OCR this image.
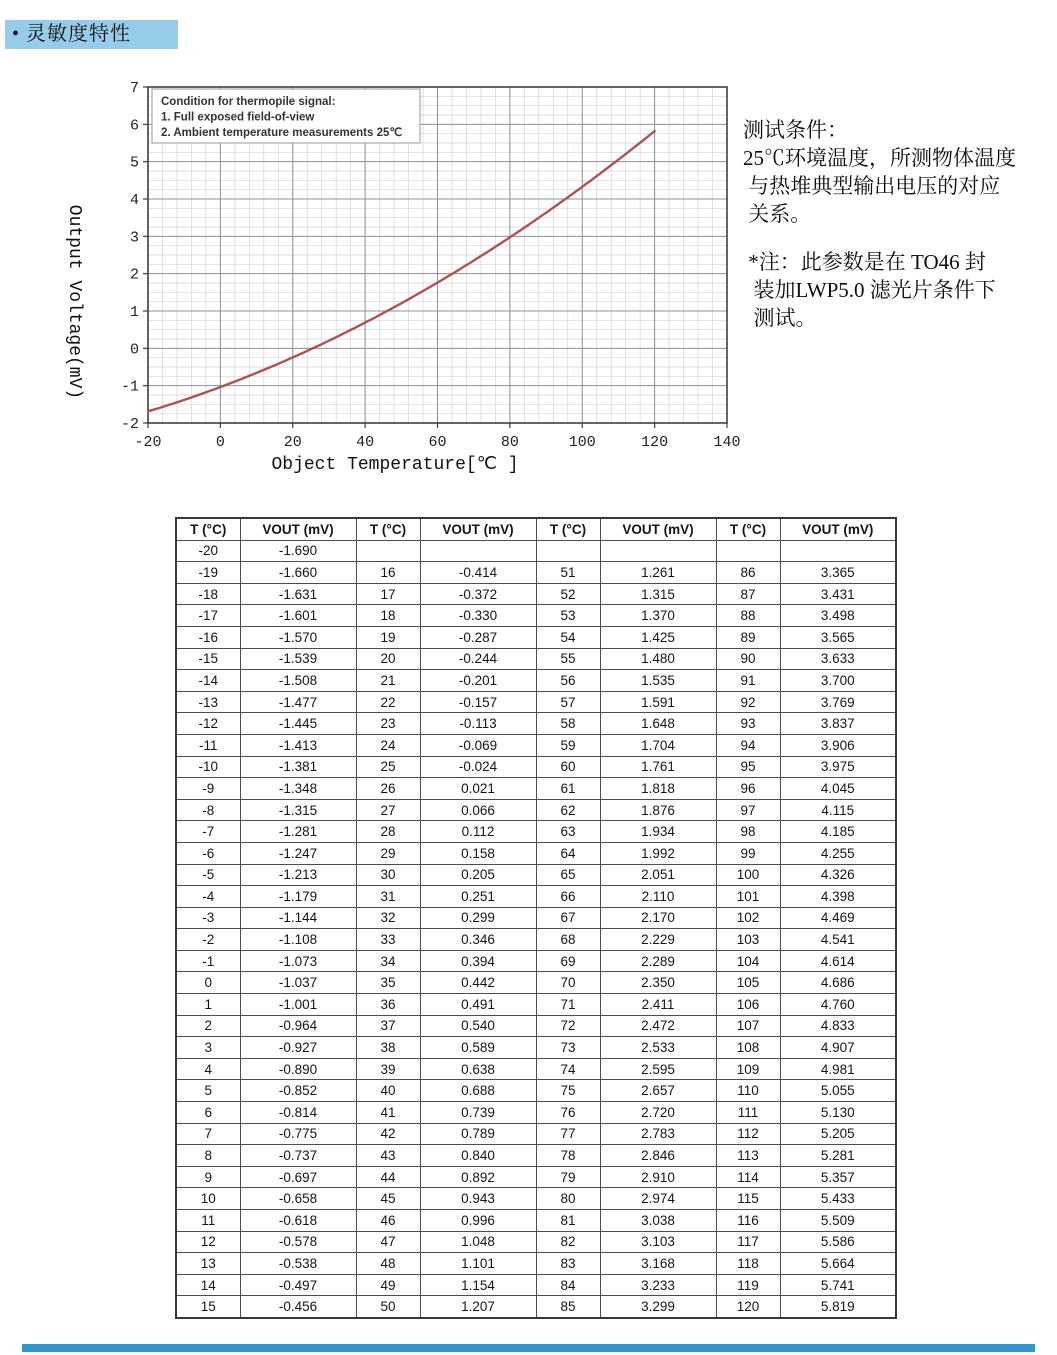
• 灵敏度特性
-20	0	20	40	60	80	100	120	140
-2
-1
0
1
2
3
4
5
6
7
Condition for thermopile signal:
1. Full exposed field-of-view
2. Ambient temperature measurements 25℃
Object Temperature[℃ ]
Output Voltage(mV)
测试条件：
25℃环境温度，所测物体温度
与热堆典型输出电压的对应
关系。
*注：此参数是在 TO46 封
装加LWP5.0 滤光片条件下
测试。
T (°C)	VOUT (mV)	T (°C)	VOUT (mV)	T (°C)	VOUT (mV)	T (°C)	VOUT (mV)
-20	-1.690						
-19	-1.660	16	-0.414	51	1.261	86	3.365
-18	-1.631	17	-0.372	52	1.315	87	3.431
-17	-1.601	18	-0.330	53	1.370	88	3.498
-16	-1.570	19	-0.287	54	1.425	89	3.565
-15	-1.539	20	-0.244	55	1.480	90	3.633
-14	-1.508	21	-0.201	56	1.535	91	3.700
-13	-1.477	22	-0.157	57	1.591	92	3.769
-12	-1.445	23	-0.113	58	1.648	93	3.837
-11	-1.413	24	-0.069	59	1.704	94	3.906
-10	-1.381	25	-0.024	60	1.761	95	3.975
-9	-1.348	26	0.021	61	1.818	96	4.045
-8	-1.315	27	0.066	62	1.876	97	4.115
-7	-1.281	28	0.112	63	1.934	98	4.185
-6	-1.247	29	0.158	64	1.992	99	4.255
-5	-1.213	30	0.205	65	2.051	100	4.326
-4	-1.179	31	0.251	66	2.110	101	4.398
-3	-1.144	32	0.299	67	2.170	102	4.469
-2	-1.108	33	0.346	68	2.229	103	4.541
-1	-1.073	34	0.394	69	2.289	104	4.614
0	-1.037	35	0.442	70	2.350	105	4.686
1	-1.001	36	0.491	71	2.411	106	4.760
2	-0.964	37	0.540	72	2.472	107	4.833
3	-0.927	38	0.589	73	2.533	108	4.907
4	-0.890	39	0.638	74	2.595	109	4.981
5	-0.852	40	0.688	75	2.657	110	5.055
6	-0.814	41	0.739	76	2.720	111	5.130
7	-0.775	42	0.789	77	2.783	112	5.205
8	-0.737	43	0.840	78	2.846	113	5.281
9	-0.697	44	0.892	79	2.910	114	5.357
10	-0.658	45	0.943	80	2.974	115	5.433
11	-0.618	46	0.996	81	3.038	116	5.509
12	-0.578	47	1.048	82	3.103	117	5.586
13	-0.538	48	1.101	83	3.168	118	5.664
14	-0.497	49	1.154	84	3.233	119	5.741
15	-0.456	50	1.207	85	3.299	120	5.819
